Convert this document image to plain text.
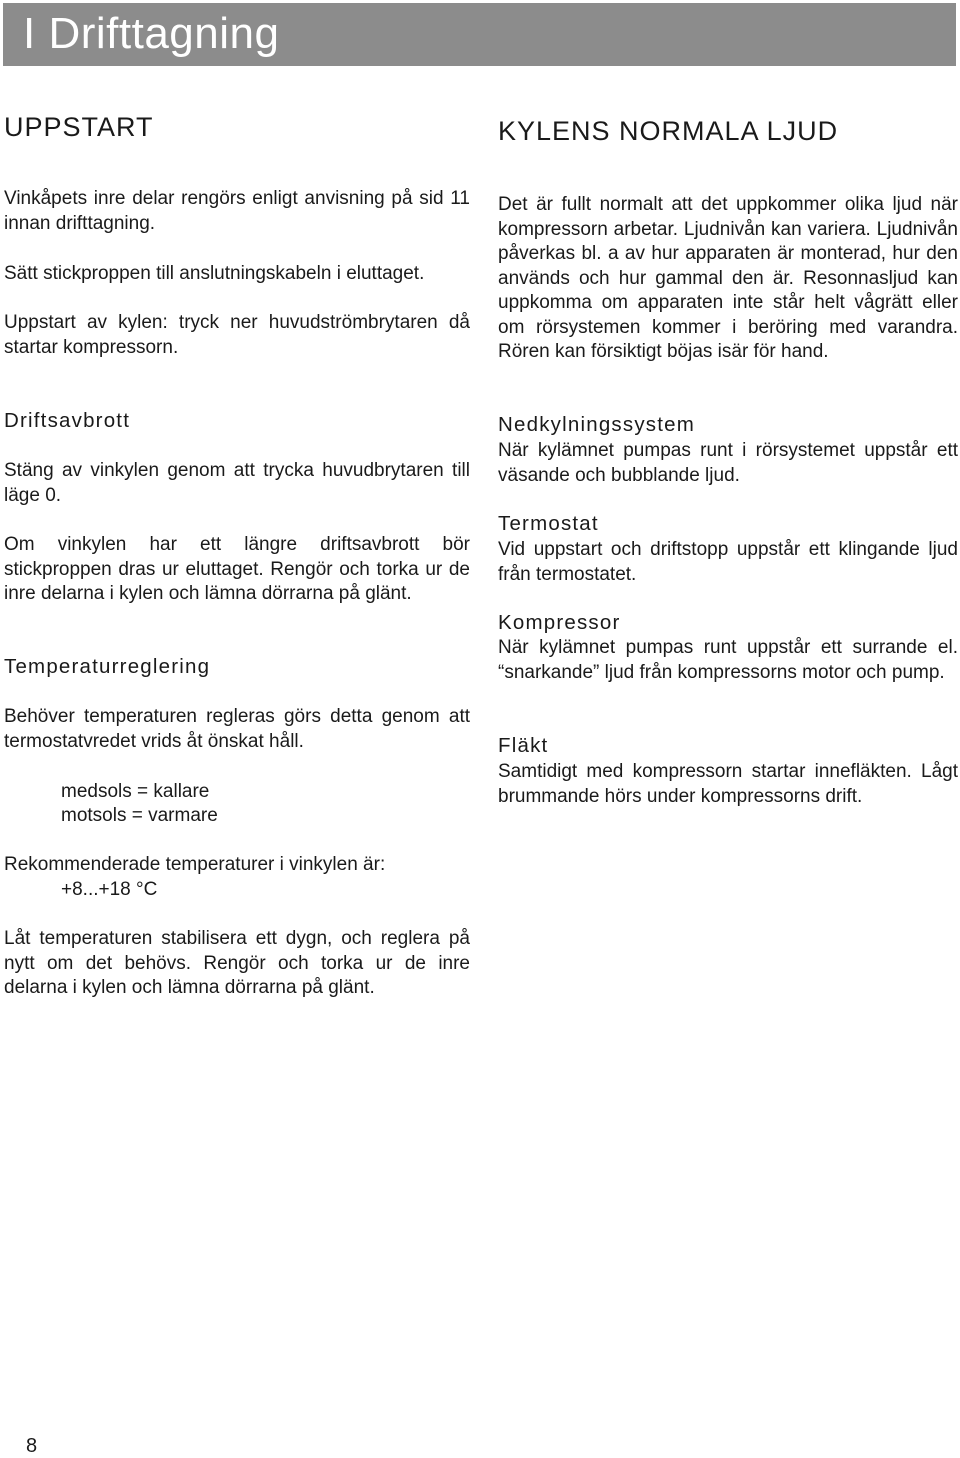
I Drifttagning
UPPSTART

Vinkåpets inre delar rengörs enligt anvisning på sid 11 innan drifttagning.

Sätt stickproppen till anslutningskabeln i eluttaget.

Uppstart av kylen: tryck ner huvudströmbrytaren då startar kompressorn.

Driftsavbrott

Stäng av vinkylen genom att trycka huvudbrytaren till läge 0.

Om vinkylen har ett längre driftsavbrott bör stickproppen dras ur eluttaget. Rengör och torka ur de inre delarna i kylen och lämna dörrarna på glänt.

Temperaturreglering

Behöver temperaturen regleras görs detta genom att termostatvredet vrids åt önskat håll.

medsols = kallare

motsols = varmare

Rekommenderade temperaturer i vinkylen är:

+8...+18 °C

Låt temperaturen stabilisera ett dygn, och reglera på nytt om det behövs. Rengör och torka ur de inre delarna i kylen och lämna dörrarna på glänt.

KYLENS NORMALA LJUD

Det är fullt normalt att det uppkommer olika ljud när kompressorn arbetar. Ljudnivån kan variera. Ljudnivån påverkas bl. a av hur apparaten är monterad, hur den används och hur gammal den är. Resonnasljud kan uppkomma om apparaten inte står helt vågrätt eller om rörsystemen kommer i beröring med varandra. Rören kan försiktigt böjas isär för hand.

Nedkylningssystem

När kylämnet pumpas runt i rörsystemet uppstår ett väsande och bubblande ljud.

Termostat

Vid uppstart och driftstopp uppstår ett klingande ljud från termostatet.

Kompressor

När kylämnet pumpas runt uppstår ett surrande el. “snarkande” ljud från kompressorns motor och pump.

Fläkt

Samtidigt med kompressorn startar innefläkten. Lågt brummande hörs under kompressorns drift.

8
